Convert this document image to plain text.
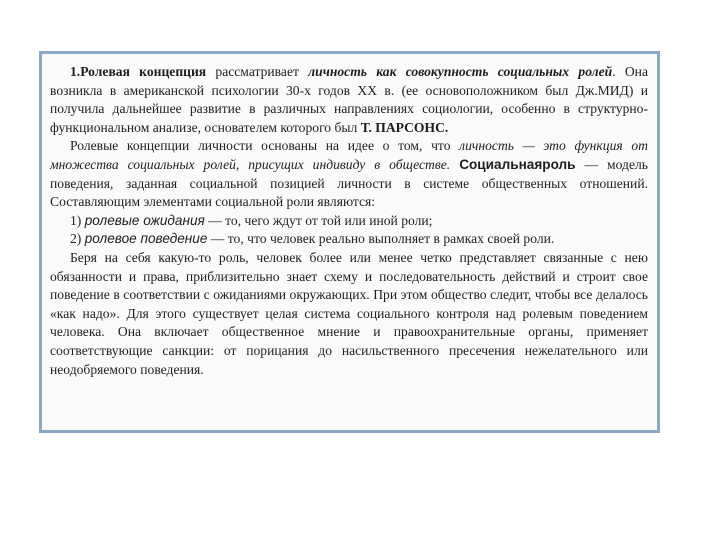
1.Ролевая концепция рассматривает личность как совокупность социальных ролей. Она возникла в американской психологии 30-х годов XX в. (ее основоположником был Дж.МИД) и получила дальнейшее развитие в различных направлениях социологии, особенно в структурно-функциональном анализе, основателем которого был Т. ПАРСОНС.

Ролевые концепции личности основаны на идее о том, что личность — это функция от множества социальных ролей, присущих индивиду в обществе. Социальнаяроль — модель поведения, заданная социальной позицией личности в системе общественных отношений. Составляющим элементами социальной роли являются:

1) ролевые ожидания — то, чего ждут от той или иной роли;

2) ролевое поведение — то, что человек реально выполняет в рамках своей роли.

Беря на себя какую-то роль, человек более или менее четко представляет связанные с нею обязанности и права, приблизительно знает схему и последовательность действий и строит свое поведение в соответствии с ожиданиями окружающих. При этом общество следит, чтобы все делалось «как надо». Для этого существует целая система социального контроля над ролевым поведением человека. Она включает общественное мнение и правоохранительные органы, применяет соответствующие санкции: от порицания до насильственного пресечения нежелательного или неодобряемого поведения.
